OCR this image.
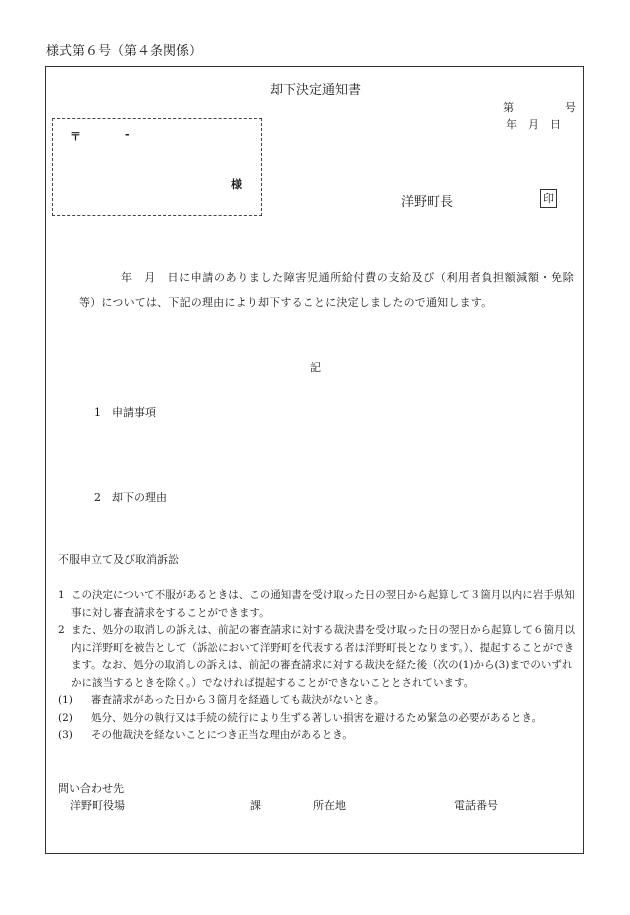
様式第６号（第４条関係）
却下決定通知書
〒	-
様
第	号
年　月　日
洋野町長	印
年　月　日に申請のありました障害児通所給付費の支給及び（利用者負担額減額・免除等）については、下記の理由により却下することに決定しましたので通知します。
記
1　申請事項
2　却下の理由
不服申立て及び取消訴訟
1 この決定について不服があるときは、この通知書を受け取った日の翌日から起算して３箇月以内に岩手県知事に対し審査請求をすることができます。
2 また、処分の取消しの訴えは、前記の審査請求に対する裁決書を受け取った日の翌日から起算して６箇月以内に洋野町を被告として（訴訟において洋野町を代表する者は洋野町長となります。）、提起することができます。なお、処分の取消しの訴えは、前記の審査請求に対する裁決を経た後（次の(1)から(3)までのいずれかに該当するときを除く。）でなければ提起することができないこととされています。
(1) 審査請求があった日から３箇月を経過しても裁決がないとき。
(2) 処分、処分の執行又は手続の続行により生ずる著しい損害を避けるため緊急の必要があるとき。
(3) その他裁決を経ないことにつき正当な理由があるとき。
問い合わせ先
洋野町役場	課	所在地	電話番号
